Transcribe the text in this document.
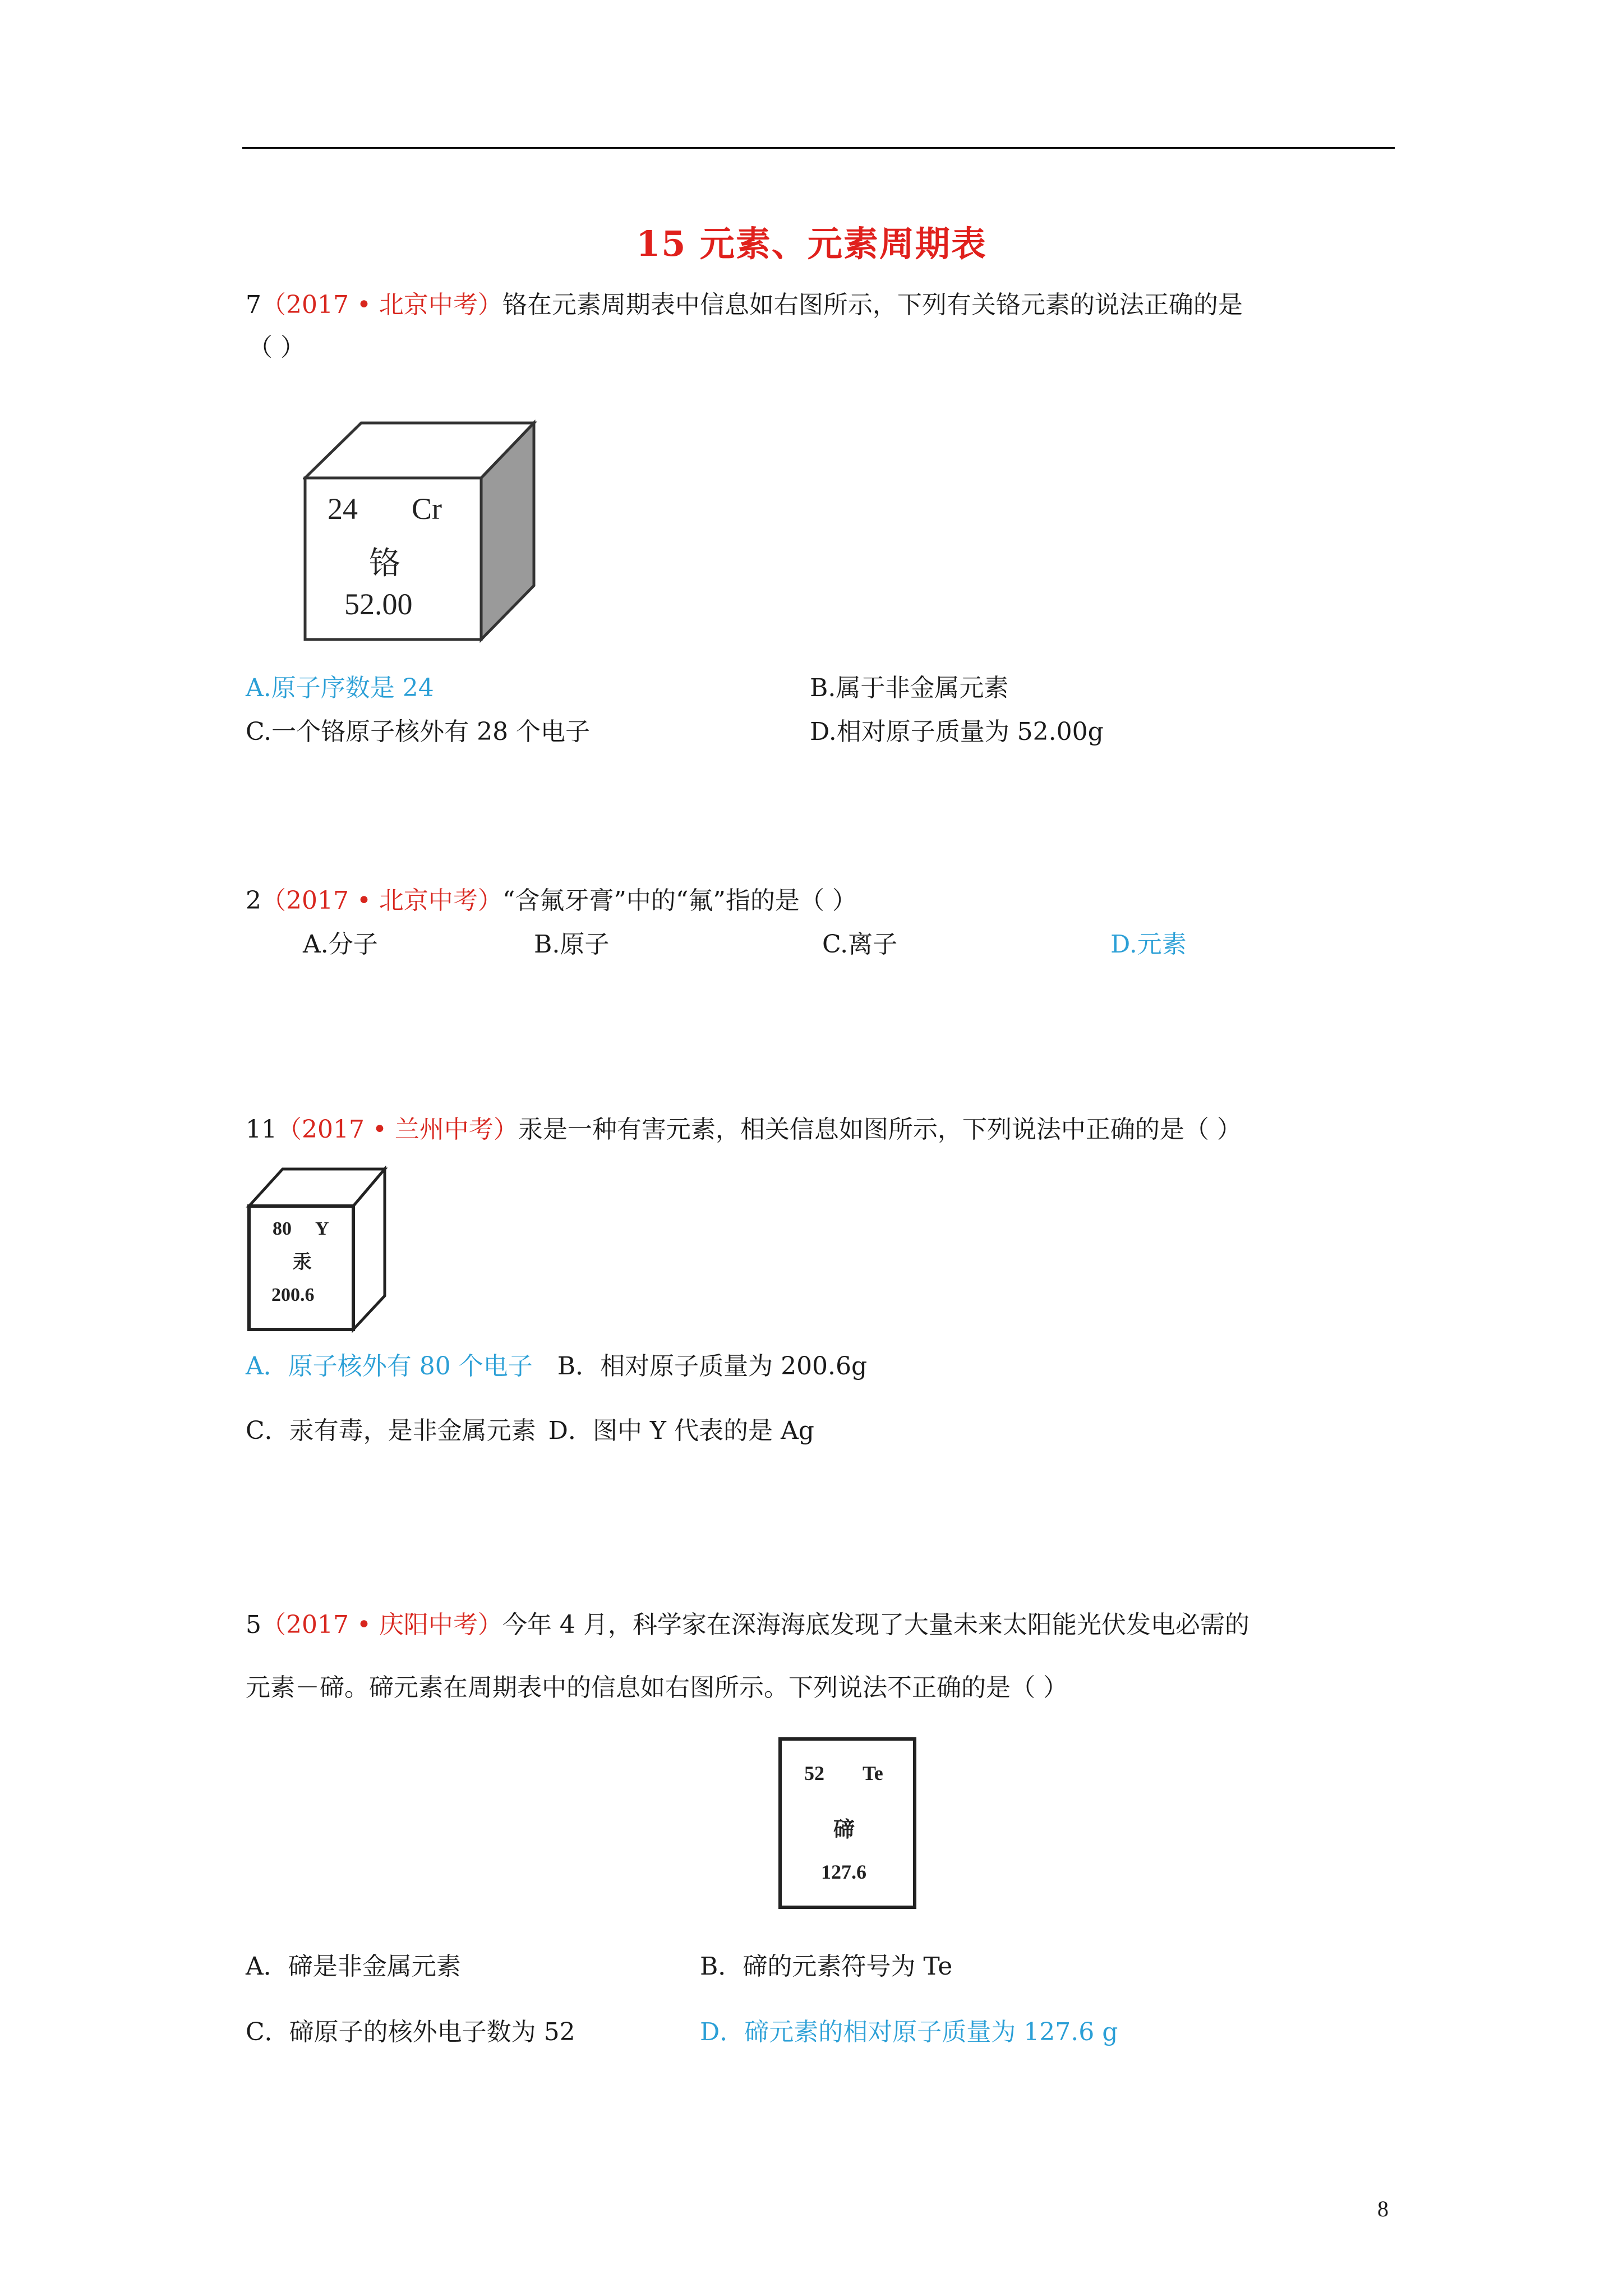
15 元素、元素周期表
7（2017 • 北京中考）铬在元素周期表中信息如右图所示，下列有关铬元素的说法正确的是
（ ）
24 Cr
铬
52.00
A.原子序数是 24	B.属于非金属元素
C.一个铬原子核外有 28 个电子	D.相对原子质量为 52.00g
2（2017 • 北京中考）“含氟牙膏”中的“氟”指的是（ ）
A.分子	B.原子	C.离子	D.元素
11（2017 • 兰州中考）汞是一种有害元素，相关信息如图所示，下列说法中正确的是（ ）
80 Y
汞
200.6
A．原子核外有 80 个电子 B．相对原子质量为 200.6g
C．汞有毒，是非金属元素 D．图中 Y 代表的是 Ag
5（2017 • 庆阳中考）今年 4 月，科学家在深海海底发现了大量未来太阳能光伏发电必需的
元素－碲。碲元素在周期表中的信息如右图所示。下列说法不正确的是（ ）
52 Te
碲
127.6
A．碲是非金属元素	B．碲的元素符号为 Te
C．碲原子的核外电子数为 52	D．碲元素的相对原子质量为 127.6 g
8
